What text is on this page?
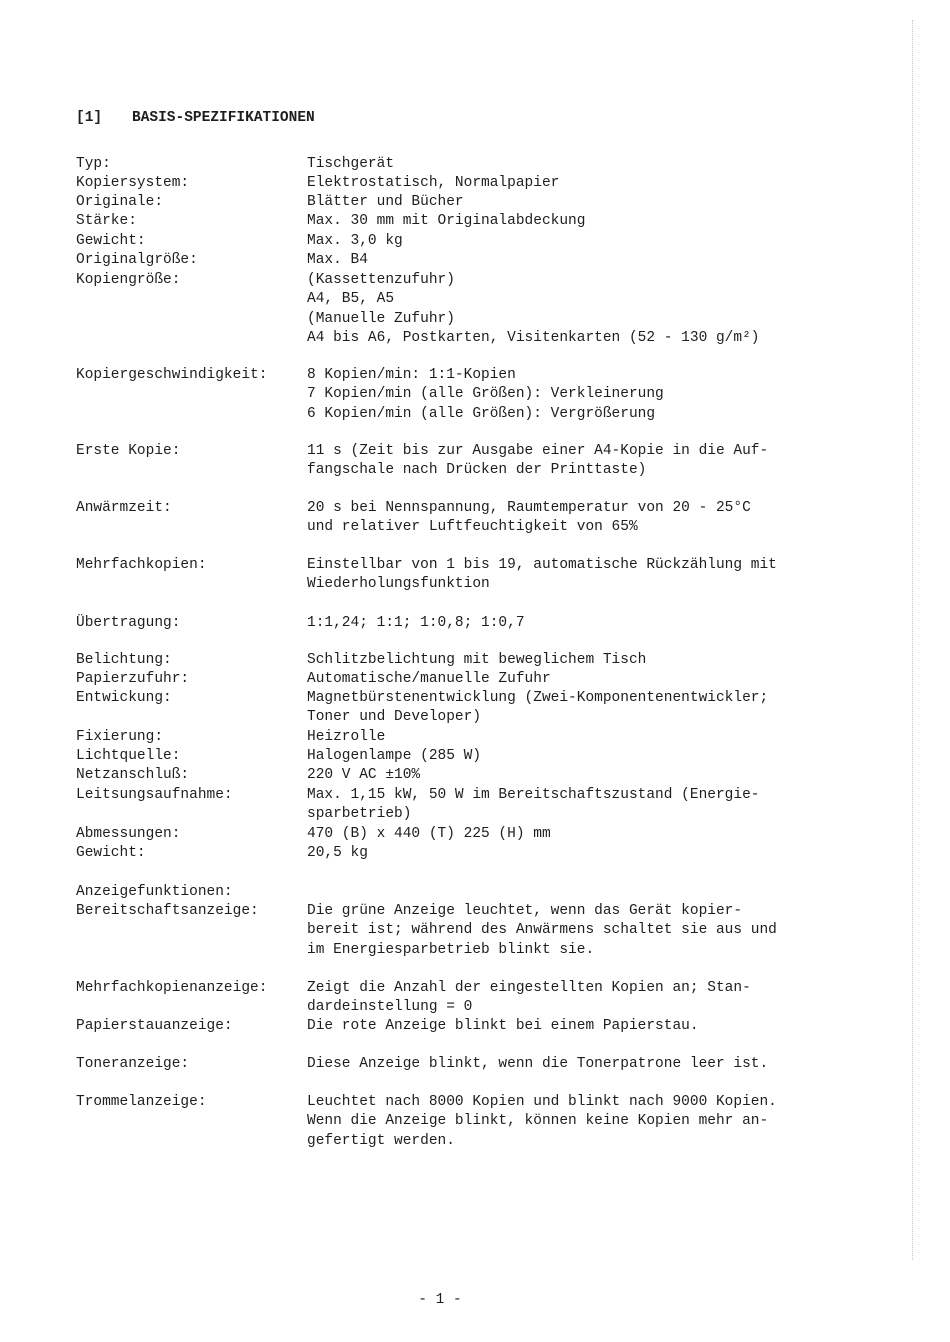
[1] BASIS-SPEZIFIKATIONEN
Typ:	Tischgerät
Kopiersystem:	Elektrostatisch, Normalpapier
Originale:	Blätter und Bücher
Stärke:	Max. 30 mm mit Originalabdeckung
Gewicht:	Max. 3,0 kg
Originalgröße:	Max. B4
Kopiengröße:	(Kassettenzufuhr)
A4, B5, A5
(Manuelle Zufuhr)
A4 bis A6, Postkarten, Visitenkarten (52 - 130 g/m²)
Kopiergeschwindigkeit:	8 Kopien/min: 1:1-Kopien
7 Kopien/min (alle Größen): Verkleinerung
6 Kopien/min (alle Größen): Vergrößerung
Erste Kopie:	11 s (Zeit bis zur Ausgabe einer A4-Kopie in die Auf-
fangschale nach Drücken der Printtaste)
Anwärmzeit:	20 s bei Nennspannung, Raumtemperatur von 20 - 25°C
und relativer Luftfeuchtigkeit von 65%
Mehrfachkopien:	Einstellbar von 1 bis 19, automatische Rückzählung mit
Wiederholungsfunktion
Übertragung:	1:1,24; 1:1; 1:0,8; 1:0,7
Belichtung:	Schlitzbelichtung mit beweglichem Tisch
Papierzufuhr:	Automatische/manuelle Zufuhr
Entwickung:	Magnetbürstenentwicklung (Zwei-Komponentenentwickler;
Toner und Developer)
Fixierung:	Heizrolle
Lichtquelle:	Halogenlampe (285 W)
Netzanschluß:	220 V AC ±10%
Leitsungsaufnahme:	Max. 1,15 kW, 50 W im Bereitschaftszustand (Energie-
sparbetrieb)
Abmessungen:	470 (B) x 440 (T) 225 (H) mm
Gewicht:	20,5 kg
Anzeigefunktionen:
Bereitschaftsanzeige:	Die grüne Anzeige leuchtet, wenn das Gerät kopier-
bereit ist; während des Anwärmens schaltet sie aus und
im Energiesparbetrieb blinkt sie.
Mehrfachkopienanzeige:	Zeigt die Anzahl der eingestellten Kopien an; Stan-
dardeinstellung = 0
Papierstauanzeige:	Die rote Anzeige blinkt bei einem Papierstau.
Toneranzeige:	Diese Anzeige blinkt, wenn die Tonerpatrone leer ist.
Trommelanzeige:	Leuchtet nach 8000 Kopien und blinkt nach 9000 Kopien.
Wenn die Anzeige blinkt, können keine Kopien mehr an-
gefertigt werden.
- 1 -
